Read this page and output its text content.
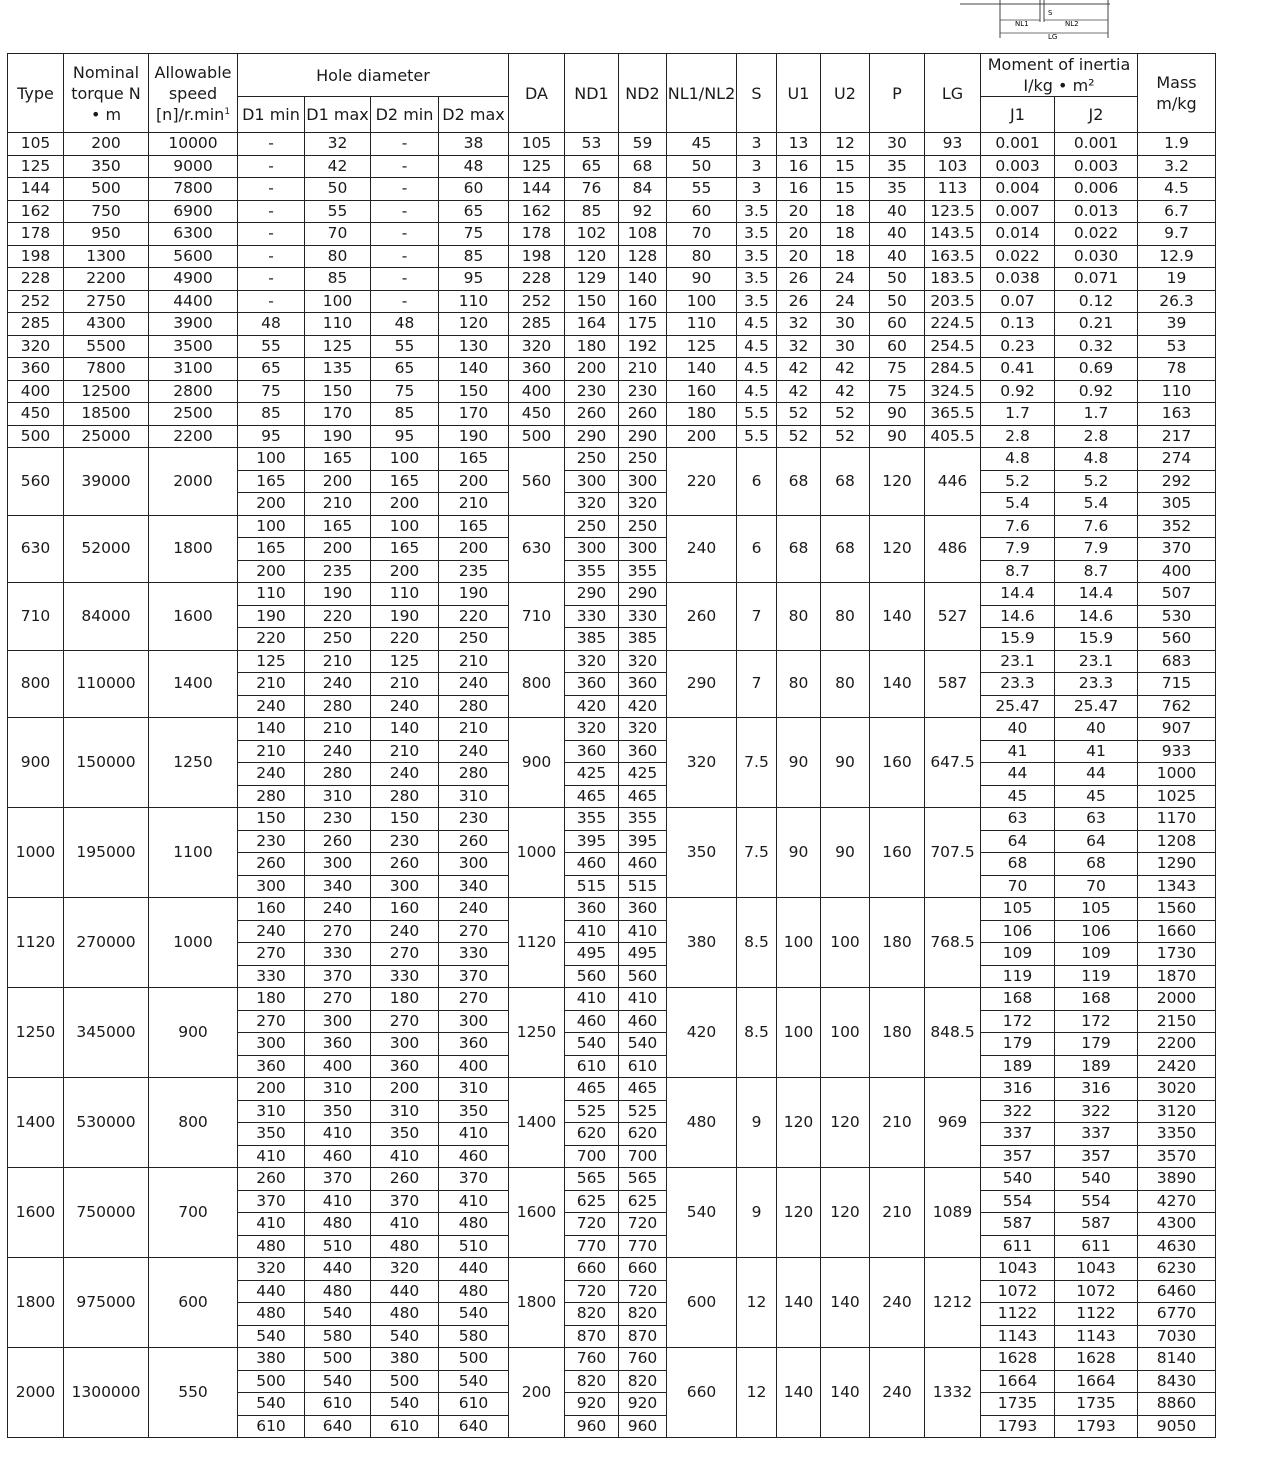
S
NL1	NL2
LG
Type	Nominal torque N • m	Allowable speed $[n]/r.\min^1$	Hole diameter				DA	ND1	ND2	NL1/NL2	S	U1	U2	P	LG	Moment of inertia I/kg • m²		Mass m/kg
			D1 min	D1 max	D2 min	D2 max										J1	J2	
105	200	10000	-	32	-	38	105	53	59	45	3	13	12	30	93	0.001	0.001	1.9
125	350	9000	-	42	-	48	125	65	68	50	3	16	15	35	103	0.003	0.003	3.2
144	500	7800	-	50	-	60	144	76	84	55	3	16	15	35	113	0.004	0.006	4.5
162	750	6900	-	55	-	65	162	85	92	60	3.5	20	18	40	123.5	0.007	0.013	6.7
178	950	6300	-	70	-	75	178	102	108	70	3.5	20	18	40	143.5	0.014	0.022	9.7
198	1300	5600	-	80	-	85	198	120	128	80	3.5	20	18	40	163.5	0.022	0.030	12.9
228	2200	4900	-	85	-	95	228	129	140	90	3.5	26	24	50	183.5	0.038	0.071	19
252	2750	4400	-	100	-	110	252	150	160	100	3.5	26	24	50	203.5	0.07	0.12	26.3
285	4300	3900	48	110	48	120	285	164	175	110	4.5	32	30	60	224.5	0.13	0.21	39
320	5500	3500	55	125	55	130	320	180	192	125	4.5	32	30	60	254.5	0.23	0.32	53
360	7800	3100	65	135	65	140	360	200	210	140	4.5	42	42	75	284.5	0.41	0.69	78
400	12500	2800	75	150	75	150	400	230	230	160	4.5	42	42	75	324.5	0.92	0.92	110
450	18500	2500	85	170	85	170	450	260	260	180	5.5	52	52	90	365.5	1.7	1.7	163
500	25000	2200	95	190	95	190	500	290	290	200	5.5	52	52	90	405.5	2.8	2.8	217
560	39000	2000	100	165	100	165	560	250	250	220	6	68	68	120	446	4.8	4.8	274
			165	200	165	200		300	300							5.2	5.2	292
			200	210	200	210		320	320							5.4	5.4	305
630	52000	1800	100	165	100	165	630	250	250	240	6	68	68	120	486	7.6	7.6	352
			165	200	165	200		300	300							7.9	7.9	370
			200	235	200	235		355	355							8.7	8.7	400
710	84000	1600	110	190	110	190	710	290	290	260	7	80	80	140	527	14.4	14.4	507
			190	220	190	220		330	330							14.6	14.6	530
			220	250	220	250		385	385							15.9	15.9	560
800	110000	1400	125	210	125	210	800	320	320	290	7	80	80	140	587	23.1	23.1	683
			210	240	210	240		360	360							23.3	23.3	715
			240	280	240	280		420	420							25.47	25.47	762
900	150000	1250	140	210	140	210	900	320	320	320	7.5	90	90	160	647.5	40	40	907
			210	240	210	240		360	360							41	41	933
			240	280	240	280		425	425							44	44	1000
			280	310	280	310		465	465							45	45	1025
1000	195000	1100	150	230	150	230	1000	355	355	350	7.5	90	90	160	707.5	63	63	1170
			230	260	230	260		395	395							64	64	1208
			260	300	260	300		460	460							68	68	1290
			300	340	300	340		515	515							70	70	1343
1120	270000	1000	160	240	160	240	1120	360	360	380	8.5	100	100	180	768.5	105	105	1560
			240	270	240	270		410	410							106	106	1660
			270	330	270	330		495	495							109	109	1730
			330	370	330	370		560	560							119	119	1870
1250	345000	900	180	270	180	270	1250	410	410	420	8.5	100	100	180	848.5	168	168	2000
			270	300	270	300		460	460							172	172	2150
			300	360	300	360		540	540							179	179	2200
			360	400	360	400		610	610							189	189	2420
1400	530000	800	200	310	200	310	1400	465	465	480	9	120	120	210	969	316	316	3020
			310	350	310	350		525	525							322	322	3120
			350	410	350	410		620	620							337	337	3350
			410	460	410	460		700	700							357	357	3570
1600	750000	700	260	370	260	370	1600	565	565	540	9	120	120	210	1089	540	540	3890
			370	410	370	410		625	625							554	554	4270
			410	480	410	480		720	720							587	587	4300
			480	510	480	510		770	770							611	611	4630
1800	975000	600	320	440	320	440	1800	660	660	600	12	140	140	240	1212	1043	1043	6230
			440	480	440	480		720	720							1072	1072	6460
			480	540	480	540		820	820							1122	1122	6770
			540	580	540	580		870	870							1143	1143	7030
2000	1300000	550	380	500	380	500	200	760	760	660	12	140	140	240	1332	1628	1628	8140
			500	540	500	540		820	820							1664	1664	8430
			540	610	540	610		920	920							1735	1735	8860
			610	640	610	640		960	960							1793	1793	9050
